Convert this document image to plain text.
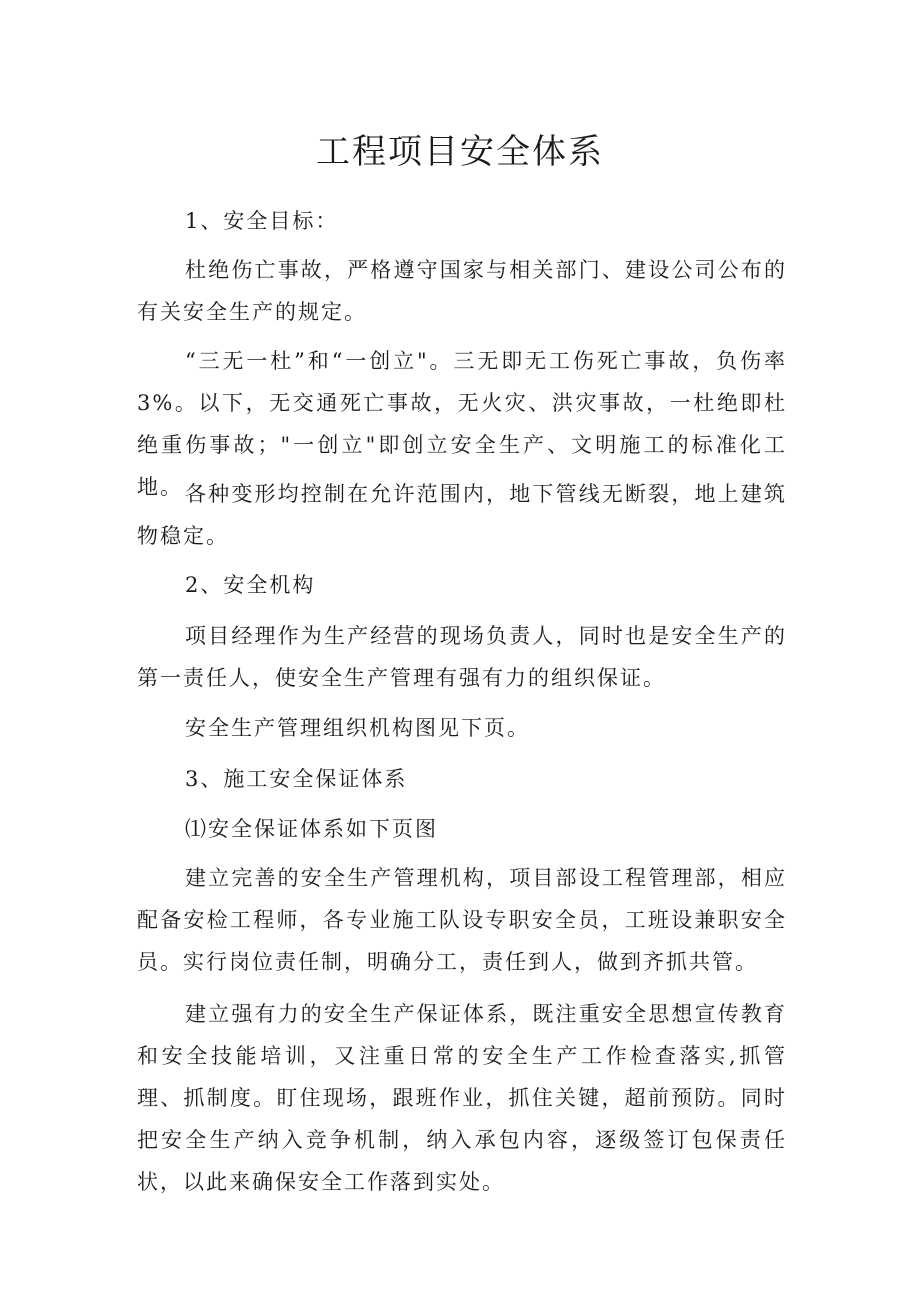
工程项目安全体系

1、安全目标：

杜绝伤亡事故，严格遵守国家与相关部门、建设公司公布的有关安全生产的规定。

“三无一杜”和“一创立"。三无即无工伤死亡事故，负伤率3%。以下，无交通死亡事故，无火灾、洪灾事故，一杜绝即杜绝重伤事故；"一创立"即创立安全生产、文明施工的标准化工地。 各种变形均控制在允许范围内，地下管线无断裂，地上建筑物稳定。

2、安全机构

项目经理作为生产经营的现场负责人，同时也是安全生产的第一责任人，使安全生产管理有强有力的组织保证。

安全生产管理组织机构图见下页。

3、施工安全保证体系

⑴安全保证体系如下页图

建立完善的安全生产管理机构，项目部设工程管理部，相应配备安检工程师，各专业施工队设专职安全员，工班设兼职安全员。实行岗位责任制，明确分工，责任到人，做到齐抓共管。

建立强有力的安全生产保证体系，既注重安全思想宣传教育和安全技能培训，又注重日常的安全生产工作检查落实,抓管理、抓制度。盯住现场，跟班作业，抓住关键，超前预防。同时把安全生产纳入竞争机制，纳入承包内容，逐级签订包保责任状，以此来确保安全工作落到实处。
